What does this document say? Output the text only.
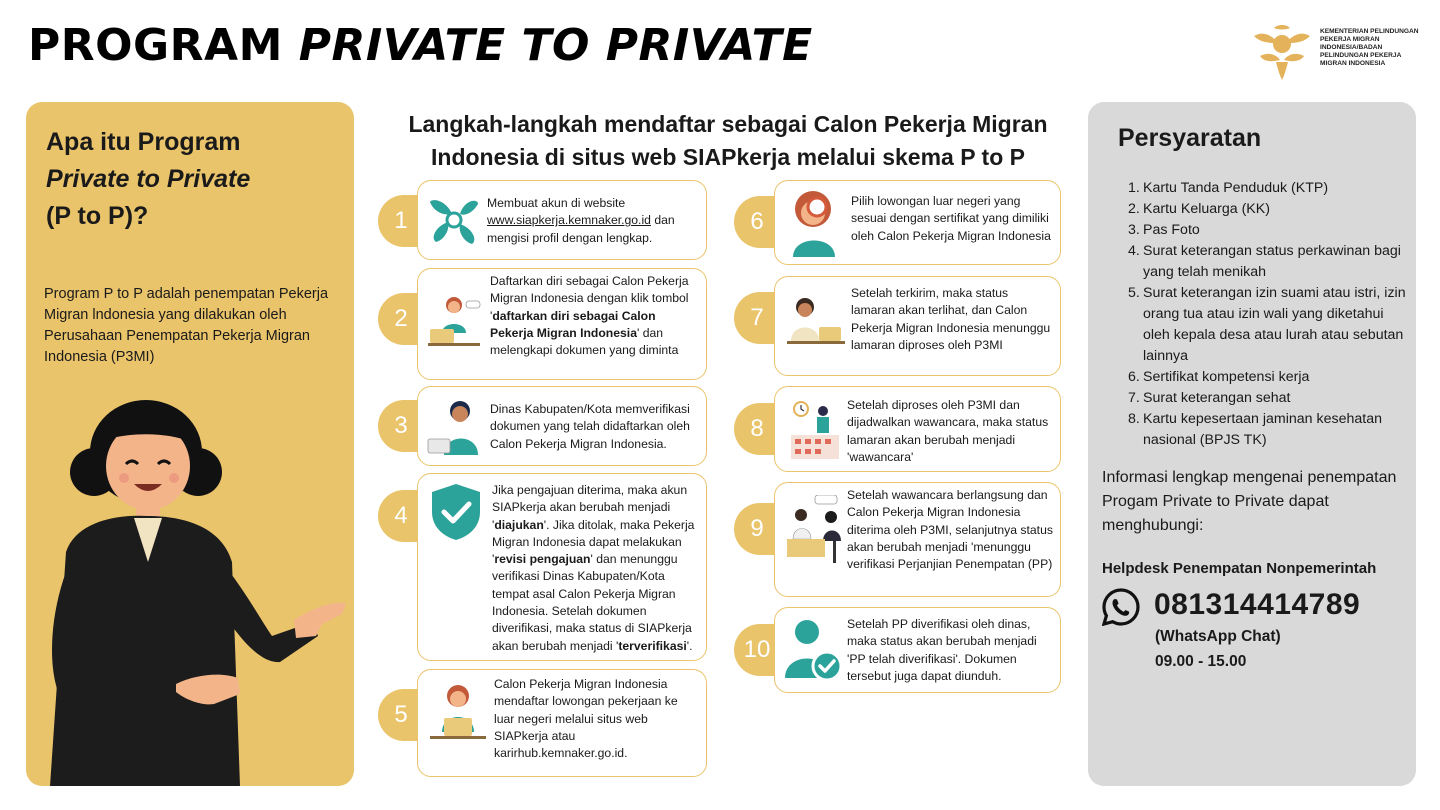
PROGRAM PRIVATE TO PRIVATE	KEMENTERIAN PELINDUNGAN PEKERJA MIGRAN INDONESIA/BADAN PELINDUNGAN PEKERJA MIGRAN INDONESIA
Apa itu Program
Private to Private
(P to P)?
Program P to P adalah penempatan Pekerja Migran lndonesia yang dilakukan oleh Perusahaan Penempatan Pekerja Migran Indonesia (P3MI)
Langkah-langkah mendaftar sebagai Calon Pekerja Migran Indonesia di situs web SIAPkerja melalui skema P to P
1
Membuat akun di website www.siapkerja.kemnaker.go.id dan mengisi profil dengan lengkap.
2
Daftarkan diri sebagai Calon Pekerja Migran Indonesia dengan klik tombol 'daftarkan diri sebagai Calon Pekerja Migran Indonesia' dan melengkapi dokumen yang diminta
3
Dinas Kabupaten/Kota memverifikasi dokumen yang telah didaftarkan oleh Calon Pekerja Migran Indonesia.
4
Jika pengajuan diterima, maka akun SIAPkerja akan berubah menjadi 'diajukan'. Jika ditolak, maka Pekerja Migran Indonesia dapat melakukan 'revisi pengajuan' dan menunggu verifikasi Dinas Kabupaten/Kota tempat asal Calon Pekerja Migran Indonesia. Setelah dokumen diverifikasi, maka status di SIAPkerja akan berubah menjadi 'terverifikasi'.
5
Calon Pekerja Migran Indonesia mendaftar lowongan pekerjaan ke luar negeri melalui situs web SIAPkerja atau karirhub.kemnaker.go.id.
6
Pilih lowongan luar negeri yang sesuai dengan sertifikat yang dimiliki oleh Calon Pekerja Migran Indonesia
7
Setelah terkirim, maka status lamaran akan terlihat, dan Calon Pekerja Migran Indonesia menunggu lamaran diproses oleh P3MI
8
Setelah diproses oleh P3MI dan dijadwalkan wawancara, maka status lamaran akan berubah menjadi 'wawancara'
9
Setelah wawancara berlangsung dan Calon Pekerja Migran Indonesia diterima oleh P3MI, selanjutnya status akan berubah menjadi 'menunggu verifikasi Perjanjian Penempatan (PP)
10
Setelah PP diverifikasi oleh dinas, maka status akan berubah menjadi 'PP telah diverifikasi'. Dokumen tersebut juga dapat diunduh.
Persyaratan
1. Kartu Tanda Penduduk (KTP)
2. Kartu Keluarga (KK)
3. Pas Foto
4. Surat keterangan status perkawinan bagi yang telah menikah
5. Surat keterangan izin suami atau istri, izin orang tua atau izin wali yang diketahui oleh kepala desa atau lurah atau sebutan lainnya
6. Sertifikat kompetensi kerja
7. Surat keterangan sehat
8. Kartu kepesertaan jaminan kesehatan nasional (BPJS TK)
Informasi lengkap mengenai penempatan Progam Private to Private dapat menghubungi:
Helpdesk Penempatan Nonpemerintah
081314414789
(WhatsApp Chat)
09.00 - 15.00
